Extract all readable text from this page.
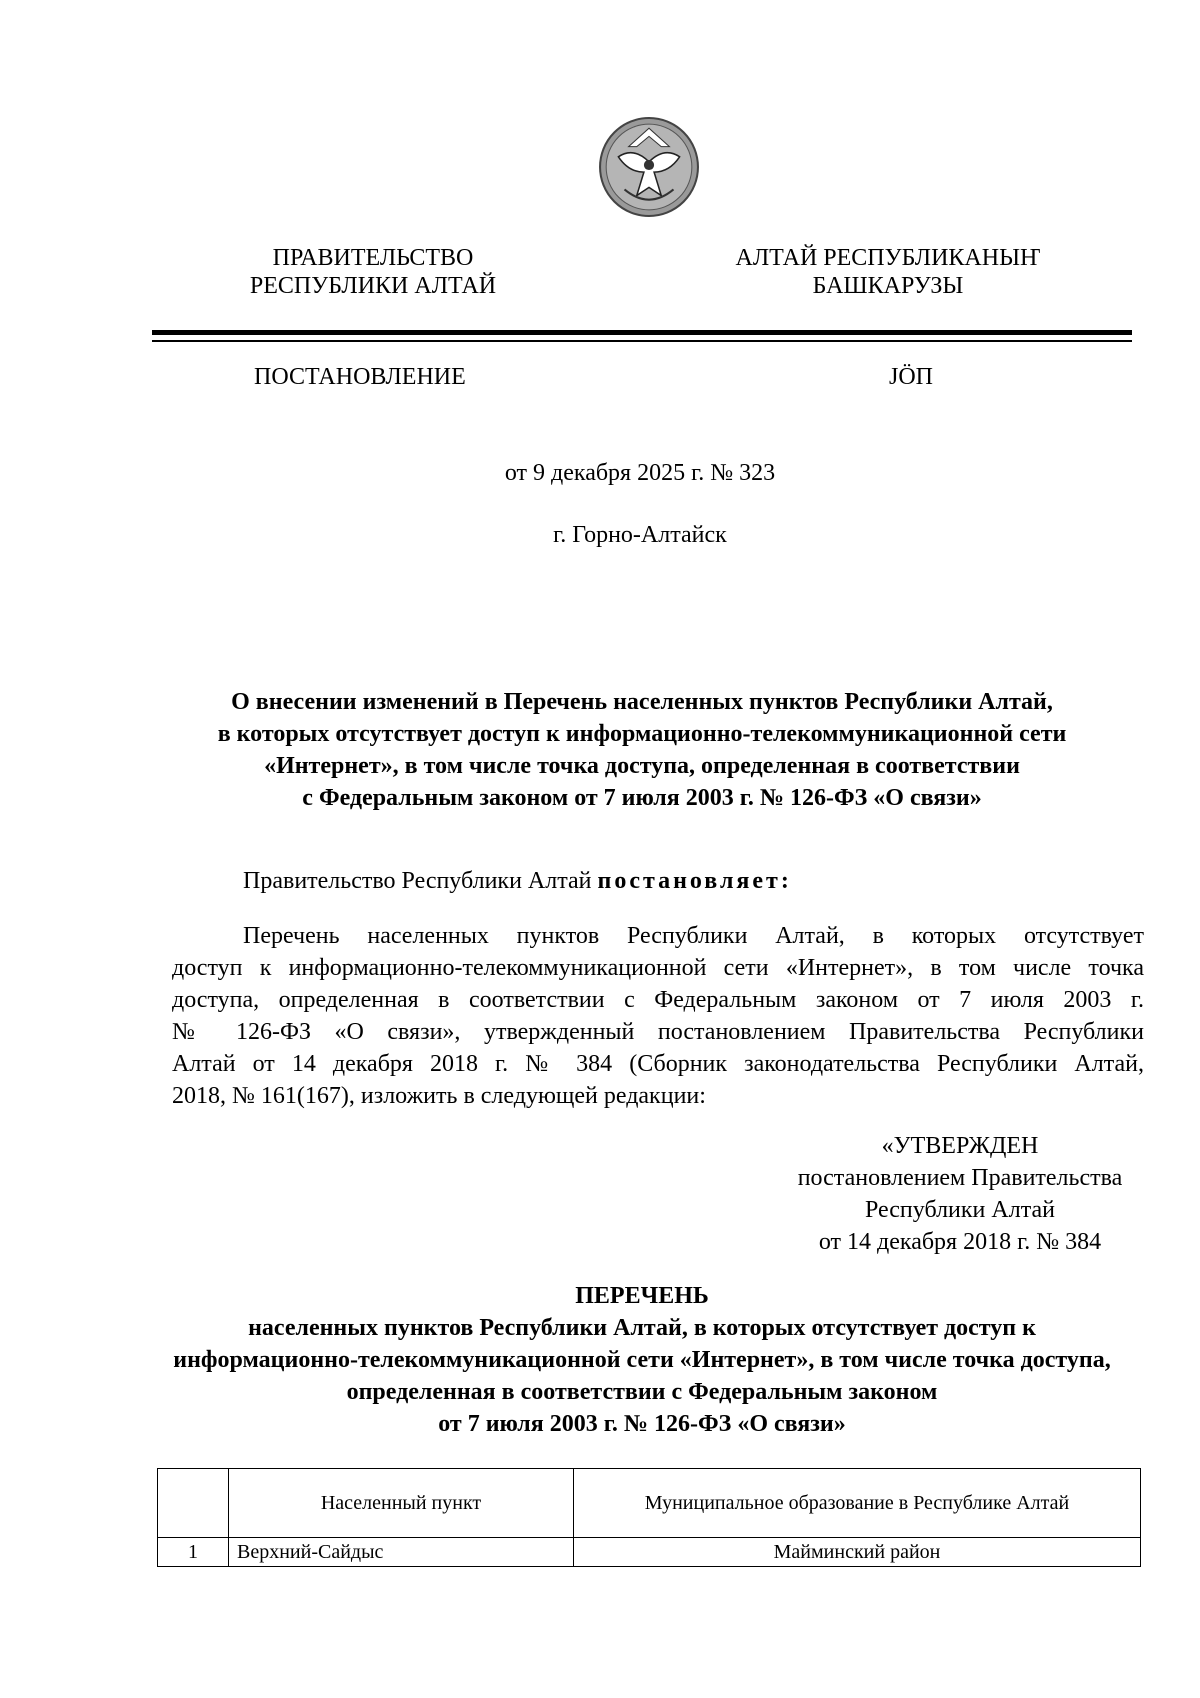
ПРАВИТЕЛЬСТВО
РЕСПУБЛИКИ АЛТАЙ
АЛТАЙ РЕСПУБЛИКАНЫҤ
БАШКАРУЗЫ
ПОСТАНОВЛЕНИЕ	JÖП
от 9 декабря 2025 г. № 323
г. Горно-Алтайск
О внесении изменений в Перечень населенных пунктов Республики Алтай,
в которых отсутствует доступ к информационно-телекоммуникационной сети
«Интернет», в том числе точка доступа, определенная в соответствии
с Федеральным законом от 7 июля 2003 г. № 126-ФЗ «О связи»
Правительство Республики Алтай постановляет:
Перечень населенных пунктов Республики Алтай, в которых отсутствует
доступ к информационно-телекоммуникационной сети «Интернет», в том числе точка
доступа, определенная в соответствии с Федеральным законом от 7 июля 2003 г.
№ 126-ФЗ «О связи», утвержденный постановлением Правительства Республики
Алтай от 14 декабря 2018 г. № 384 (Сборник законодательства Республики Алтай,
2018, № 161(167), изложить в следующей редакции:
«УТВЕРЖДЕН
постановлением Правительства
Республики Алтай
от 14 декабря 2018 г. № 384
ПЕРЕЧЕНЬ
населенных пунктов Республики Алтай, в которых отсутствует доступ к
информационно-телекоммуникационной сети «Интернет», в том числе точка доступа,
определенная в соответствии с Федеральным законом
от 7 июля 2003 г. № 126-ФЗ «О связи»
	Населенный пункт	Муниципальное образование в Республике Алтай
1	Верхний-Сайдыс	Майминский район
